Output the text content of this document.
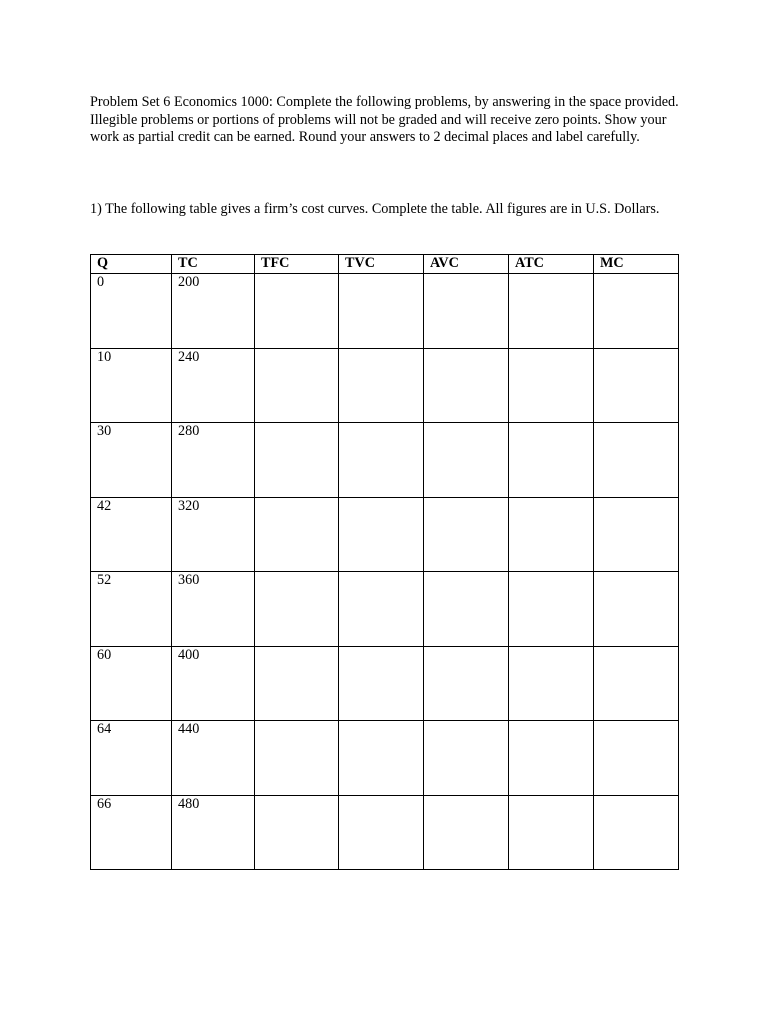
Problem Set 6 Economics 1000: Complete the following problems, by answering in the space provided. Illegible problems or portions of problems will not be graded and will receive zero points. Show your work as partial credit can be earned. Round your answers to 2 decimal places and label carefully.

1) The following table gives a firm’s cost curves. Complete the table. All figures are in U.S. Dollars.

Q	TC	TFC	TVC	AVC	ATC	MC
0	200					
10	240					
30	280					
42	320					
52	360					
60	400					
64	440					
66	480					
